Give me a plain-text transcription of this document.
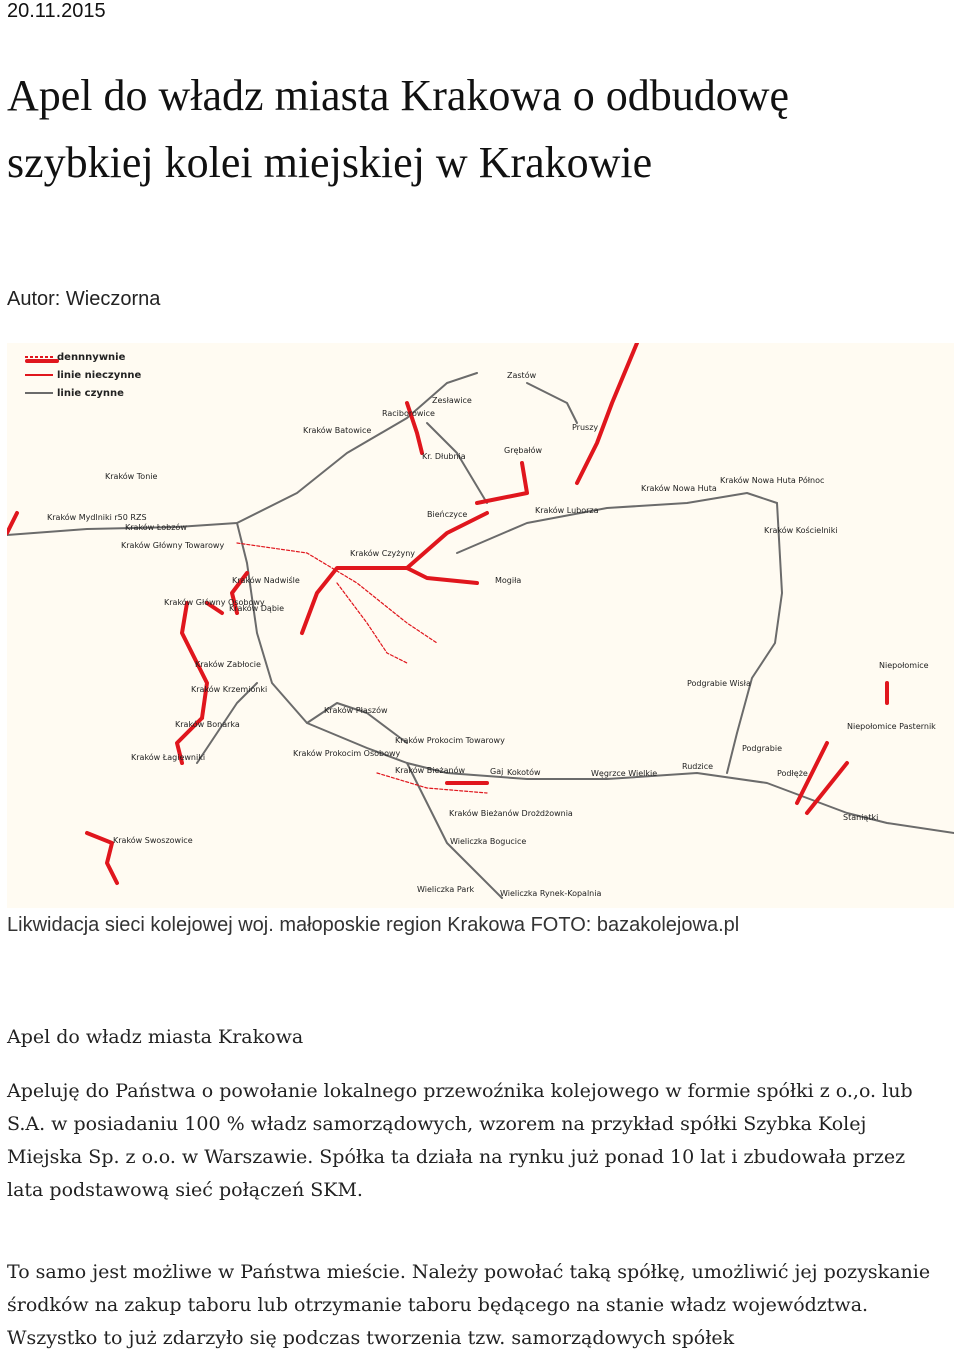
20.11.2015
Apel do władz miasta Krakowa o odbudowę szybkiej kolei miejskiej w Krakowie
Autor: Wieczorna
Zastów
Zesławice
Raciborowice
Kraków Batowice	Pruszy
Kr. Dłubnia
Grębałów
Kraków Tonie
Kraków Nowa Huta
Kraków Nowa Huta Północ
Kraków Mydlniki r50 RZS	Bieńczyce
Kraków Łobzów
Kraków Luborza
Kraków Kościelniki
Kraków Główny Towarowy
Kraków Czyżyny
Mogiła
Kraków Nadwiśle
Kraków Główny Osobowy
Kraków Dąbie
Niepołomice
Kraków Zabłocie
Podgrabie Wisła
Kraków Krzemionki
Kraków Płaszów
Kraków Bonarka	Niepołomice Pasternik
Kraków Prokocim Towarowy
Podgrabie
Kraków Prokocim Osobowy
Kraków Łagiewniki
Gaj Kokotów	Węgrzce Wielkie
Rudzice
Podłęże
Kraków Bieżanów
Kraków Bieżanów Drożdżownia	Staniątki
Kraków Swoszowice	Wieliczka Bogucice
Wieliczka Park	Wieliczka Rynek-Kopalnia
dennnywnie
linie nieczynne
linie czynne
Likwidacja sieci kolejowej woj. małoposkie region Krakowa FOTO: bazakolejowa.pl

Apel do władz miasta Krakowa

Apeluję do Państwa o powołanie lokalnego przewoźnika kolejowego w formie spółki z o.,o. lub S.A. w posiadaniu 100 % władz samorządowych, wzorem na przykład spółki Szybka Kolej Miejska Sp. z o.o. w Warszawie. Spółka ta działa na rynku już ponad 10 lat i zbudowała przez lata podstawową sieć połączeń SKM.

To samo jest możliwe w Państwa mieście. Należy powołać taką spółkę, umożliwić jej pozyskanie środków na zakup taboru lub otrzymanie taboru będącego na stanie władz województwa. Wszystko to już zdarzyło się podczas tworzenia tzw. samorządowych spółek
